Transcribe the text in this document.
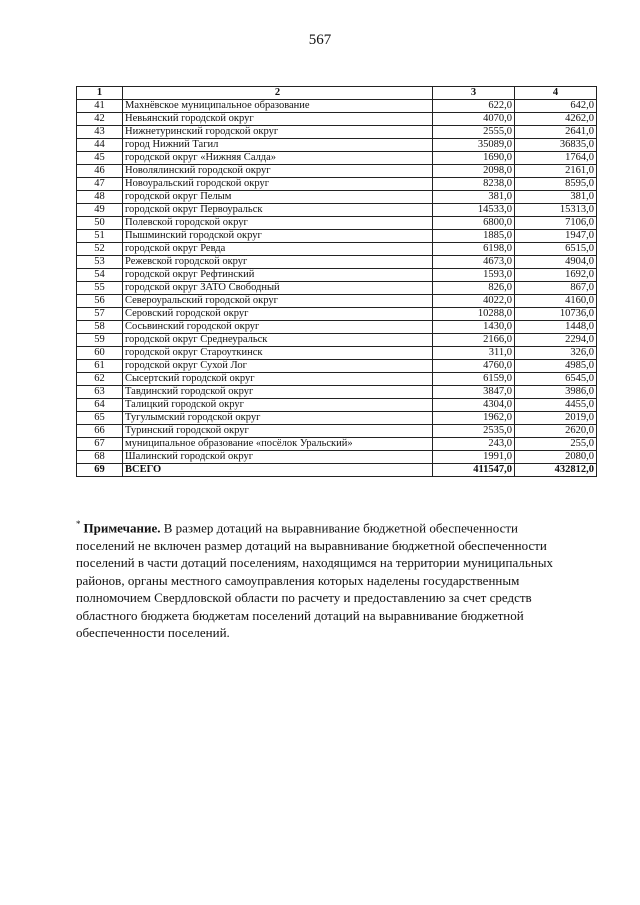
567
1	2	3	4
41	Махнёвское муниципальное образование	622,0	642,0
42	Невьянский городской округ	4070,0	4262,0
43	Нижнетуринский городской округ	2555,0	2641,0
44	город Нижний Тагил	35089,0	36835,0
45	городской округ «Нижняя Салда»	1690,0	1764,0
46	Новолялинский городской округ	2098,0	2161,0
47	Новоуральский городской округ	8238,0	8595,0
48	городской округ Пелым	381,0	381,0
49	городской округ Первоуральск	14533,0	15313,0
50	Полевской городской округ	6800,0	7106,0
51	Пышминский городской округ	1885,0	1947,0
52	городской округ Ревда	6198,0	6515,0
53	Режевской городской округ	4673,0	4904,0
54	городской округ Рефтинский	1593,0	1692,0
55	городской округ ЗАТО Свободный	826,0	867,0
56	Североуральский городской округ	4022,0	4160,0
57	Серовский городской округ	10288,0	10736,0
58	Сосьвинский городской округ	1430,0	1448,0
59	городской округ Среднеуральск	2166,0	2294,0
60	городской округ Староуткинск	311,0	326,0
61	городской округ Сухой Лог	4760,0	4985,0
62	Сысертский городской округ	6159,0	6545,0
63	Тавдинский городской округ	3847,0	3986,0
64	Талицкий городской округ	4304,0	4455,0
65	Тугулымский городской округ	1962,0	2019,0
66	Туринский городской округ	2535,0	2620,0
67	муниципальное образование «посёлок Уральский»	243,0	255,0
68	Шалинский городской округ	1991,0	2080,0
69	ВСЕГО	411547,0	432812,0
* Примечание. В размер дотаций на выравнивание бюджетной обеспеченности поселений не включен размер дотаций на выравнивание бюджетной обеспеченности поселений в части дотаций поселениям, находящимся на территории муниципальных районов, органы местного самоуправления которых наделены государственным полномочием Свердловской области по расчету и предоставлению за счет средств областного бюджета бюджетам поселений дотаций на выравнивание бюджетной обеспеченности поселений.
